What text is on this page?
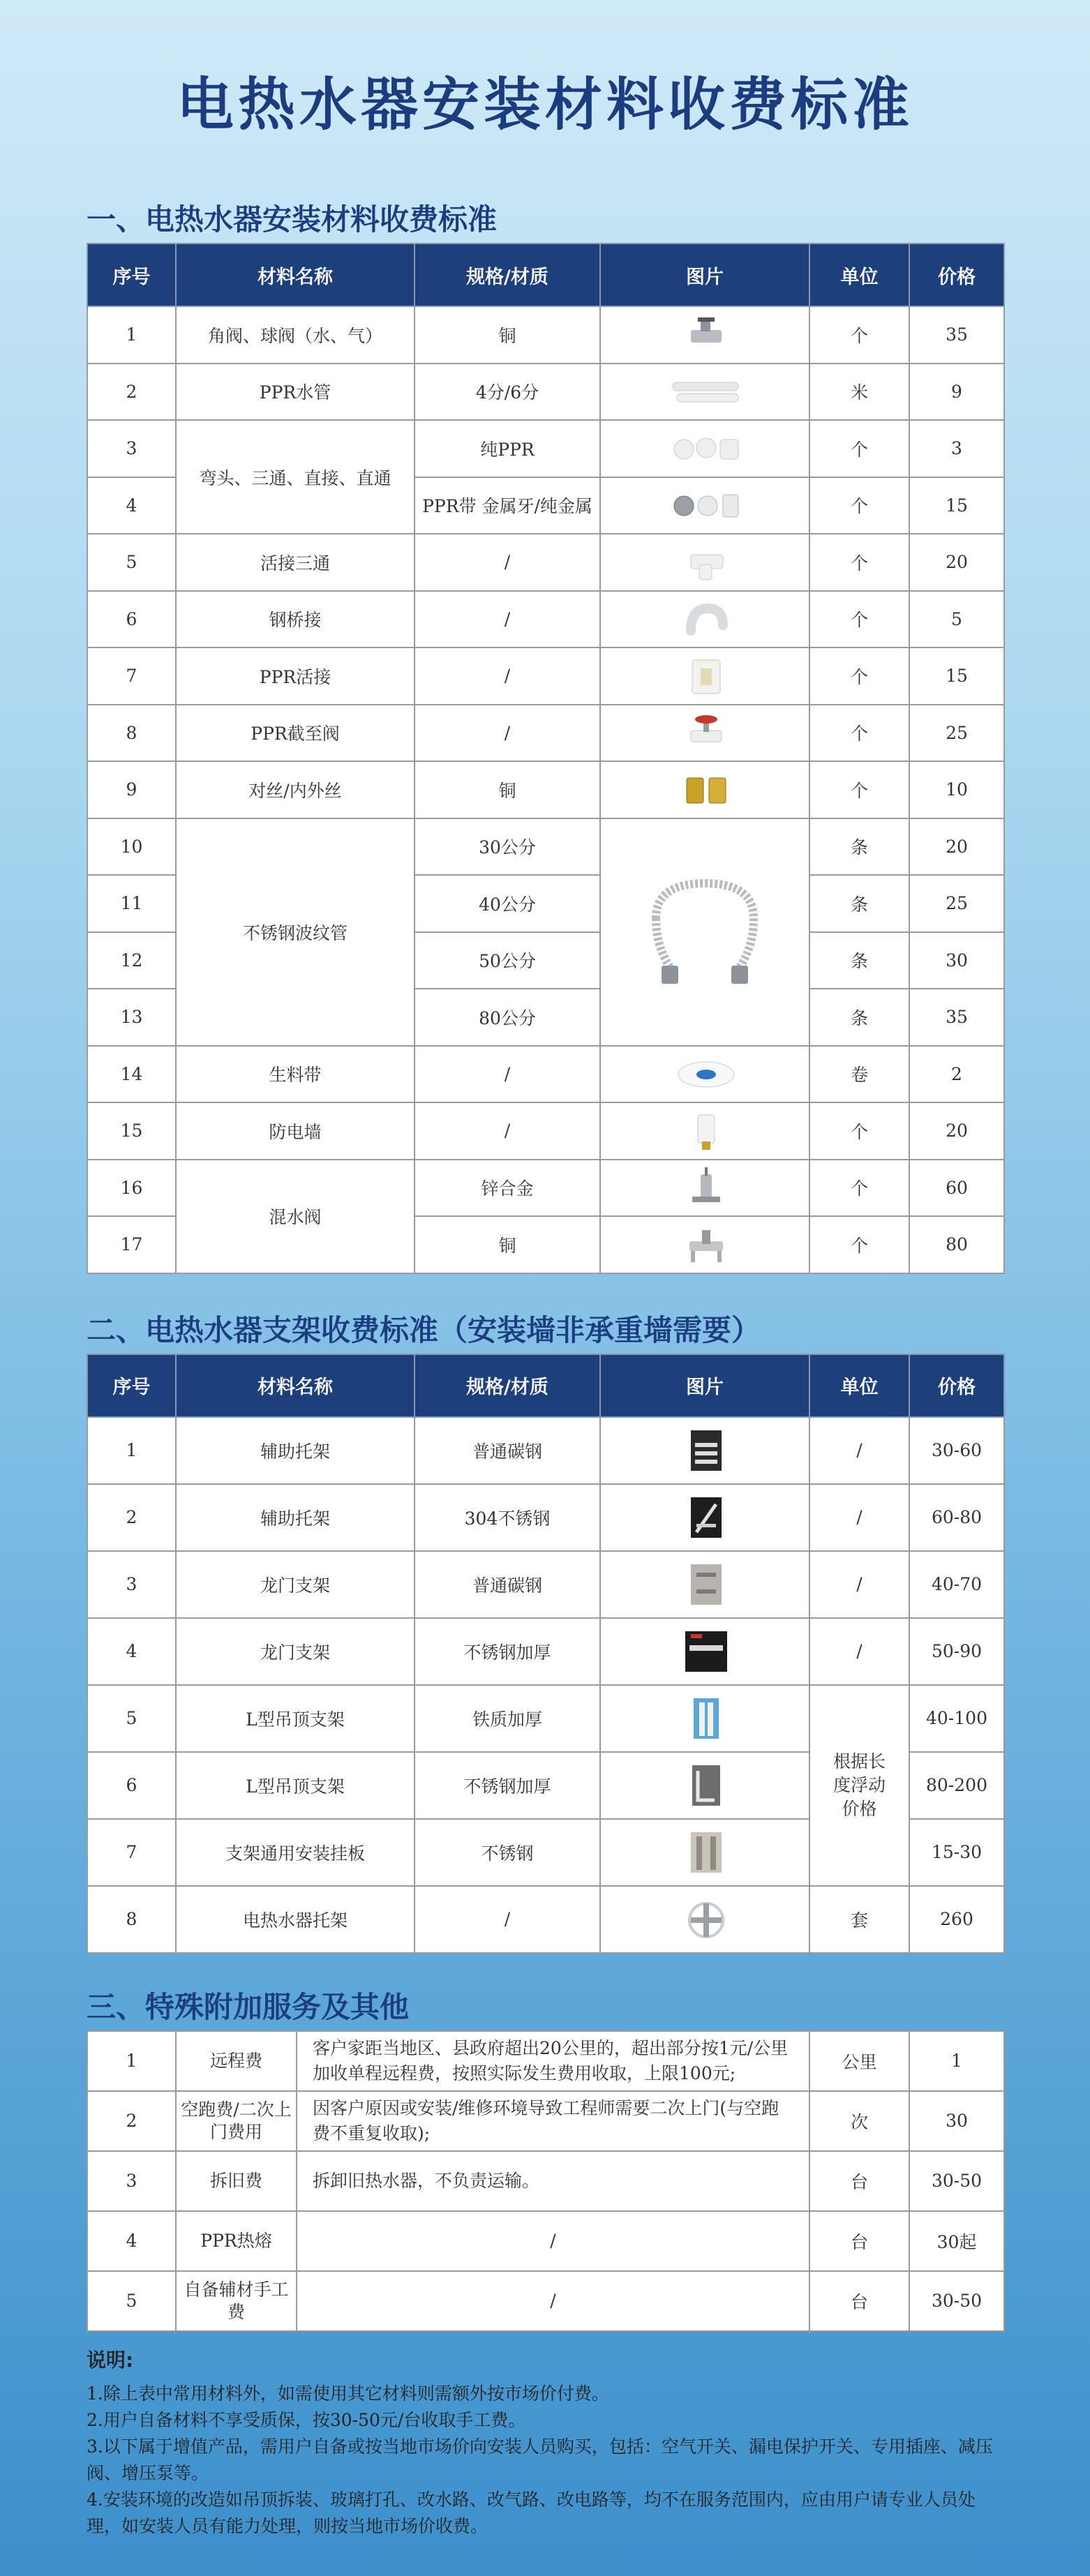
电热水器安装材料收费标准
一、电热水器安装材料收费标准
序号	材料名称	规格/材质	图片	单位	价格
1	角阀、球阀（水、气）	铜		个	35
2	PPR水管	4分/6分		米	9
3	弯头、三通、直接、直通	纯PPR		个	3
4		PPR带 金属牙/纯金属		个	15
5	活接三通	/		个	20
6	钢桥接	/		个	5
7	PPR活接	/		个	15
8	PPR截至阀	/		个	25
9	对丝/内外丝	铜		个	10
10	不锈钢波纹管	30公分		条	20
11		40公分		条	25
12		50公分		条	30
13		80公分		条	35
14	生料带	/		卷	2
15	防电墙	/		个	20
16	混水阀	锌合金		个	60
17		铜		个	80
二、电热水器支架收费标准（安装墙非承重墙需要）
序号	材料名称	规格/材质	图片	单位	价格
1	辅助托架	普通碳钢		/	30-60
2	辅助托架	304不锈钢		/	60-80
3	龙门支架	普通碳钢		/	40-70
4	龙门支架	不锈钢加厚		/	50-90
5	L型吊顶支架	铁质加厚		根据长度浮动价格	40-100
6	L型吊顶支架	不锈钢加厚			80-200
7	支架通用安装挂板	不锈钢			15-30
8	电热水器托架	/		套	260
三、特殊附加服务及其他
1	远程费	客户家距当地区、县政府超出20公里的，超出部分按1元/公里加收单程远程费，按照实际发生费用收取，上限100元;	公里	1
2	空跑费/二次上门费用	因客户原因或安装/维修环境导致工程师需要二次上门(与空跑费不重复收取);	次	30
3	拆旧费	拆卸旧热水器，不负责运输。	台	30-50
4	PPR热熔	/	台	30起
5	自备辅材手工费	/	台	30-50
说明:
1.除上表中常用材料外，如需使用其它材料则需额外按市场价付费。
2.用户自备材料不享受质保，按30-50元/台收取手工费。
3.以下属于增值产品，需用户自备或按当地市场价向安装人员购买，包括：空气开关、漏电保护开关、专用插座、减压阀、增压泵等。
4.安装环境的改造如吊顶拆装、玻璃打孔、改水路、改气路、改电路等，均不在服务范围内，应由用户请专业人员处理，如安装人员有能力处理，则按当地市场价收费。
